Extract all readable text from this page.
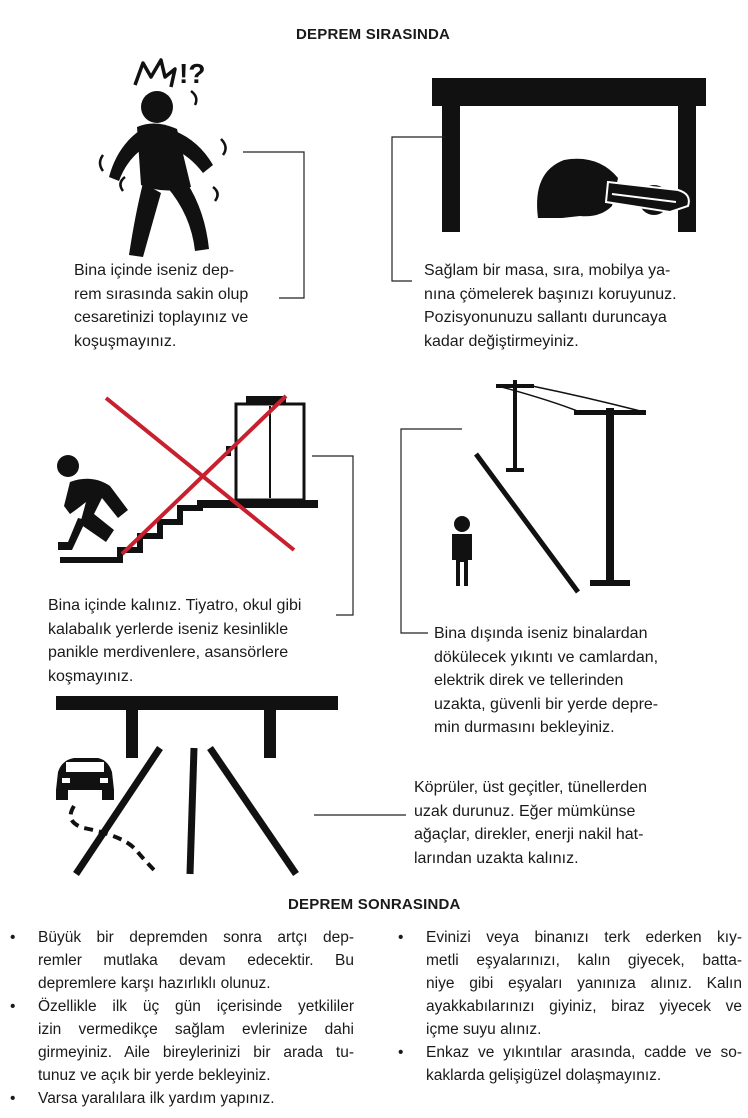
DEPREM SIRASINDA
DEPREM SONRASINDA
!?
Bina içinde iseniz dep-
rem sırasında sakin olup
cesaretinizi toplayınız ve
koşuşmayınız.
Sağlam bir masa, sıra, mobilya ya-
nına çömelerek başınızı koruyunuz.
Pozisyonunuzu sallantı duruncaya
kadar değiştirmeyiniz.
Bina içinde kalınız. Tiyatro, okul gibi
kalabalık yerlerde iseniz kesinlikle
panikle merdivenlere, asansörlere
koşmayınız.
Bina dışında iseniz binalardan
dökülecek yıkıntı ve camlardan,
elektrik direk ve tellerinden
uzakta, güvenli bir yerde depre-
min durmasını bekleyiniz.
Köprüler, üst geçitler, tünellerden
uzak durunuz. Eğer mümkünse
ağaçlar, direkler, enerji nakil hat-
larından uzakta kalınız.
• Büyük bir depremden sonra artçı dep-
remler mutlaka devam edecektir. Bu
depremlere karşı hazırlıklı olunuz.
• Özellikle ilk üç gün içerisinde yetkililer
izin vermedikçe sağlam evlerinize dahi
girmeyiniz. Aile bireylerinizi bir arada tu-
tunuz ve açık bir yerde bekleyiniz.
• Varsa yaralılara ilk yardım yapınız.
• Evinizi veya binanızı terk ederken kıy-
metli eşyalarınızı, kalın giyecek, batta-
niye gibi eşyaları yanınıza alınız. Kalın
ayakkabılarınızı giyiniz, biraz yiyecek ve
içme suyu alınız.
• Enkaz ve yıkıntılar arasında, cadde ve so-
kaklarda gelişigüzel dolaşmayınız.
